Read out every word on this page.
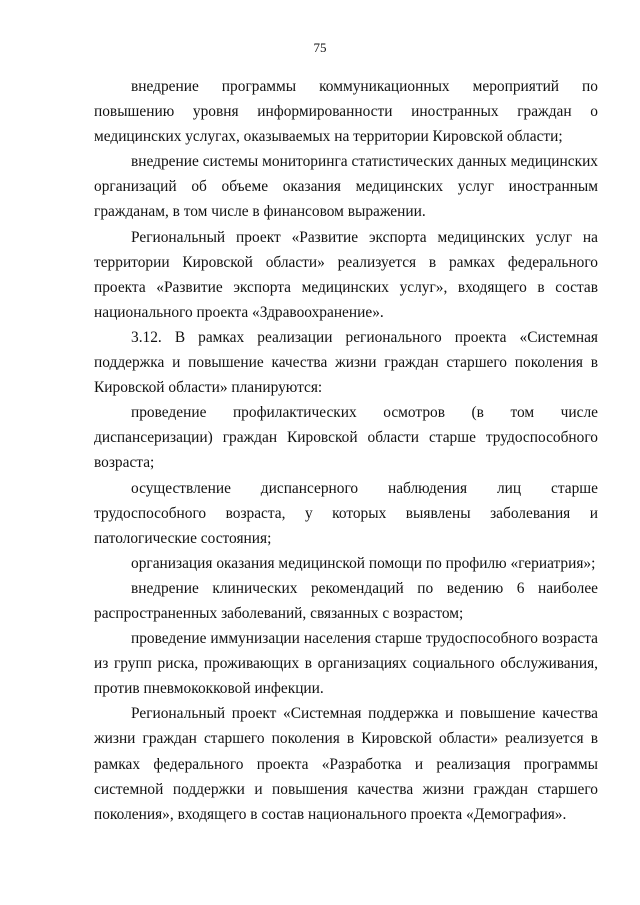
75

внедрение программы коммуникационных мероприятий по повышению уровня информированности иностранных граждан о медицинских услугах, оказываемых на территории Кировской области;

внедрение системы мониторинга статистических данных медицинских организаций об объеме оказания медицинских услуг иностранным гражданам, в том числе в финансовом выражении.

Региональный проект «Развитие экспорта медицинских услуг на территории Кировской области» реализуется в рамках федерального проекта «Развитие экспорта медицинских услуг», входящего в состав национального проекта «Здравоохранение».

3.12. В рамках реализации регионального проекта «Системная поддержка и повышение качества жизни граждан старшего поколения в Кировской области» планируются:

проведение профилактических осмотров (в том числе диспансеризации) граждан Кировской области старше трудоспособного возраста;

осуществление диспансерного наблюдения лиц старше трудоспособного возраста, у которых выявлены заболевания и патологические состояния;

организация оказания медицинской помощи по профилю «гериатрия»;

внедрение клинических рекомендаций по ведению 6 наиболее распространенных заболеваний, связанных с возрастом;

проведение иммунизации населения старше трудоспособного возраста из групп риска, проживающих в организациях социального обслуживания, против пневмококковой инфекции.

Региональный проект «Системная поддержка и повышение качества жизни граждан старшего поколения в Кировской области» реализуется в рамках федерального проекта «Разработка и реализация программы системной поддержки и повышения качества жизни граждан старшего поколения», входящего в состав национального проекта «Демография».
